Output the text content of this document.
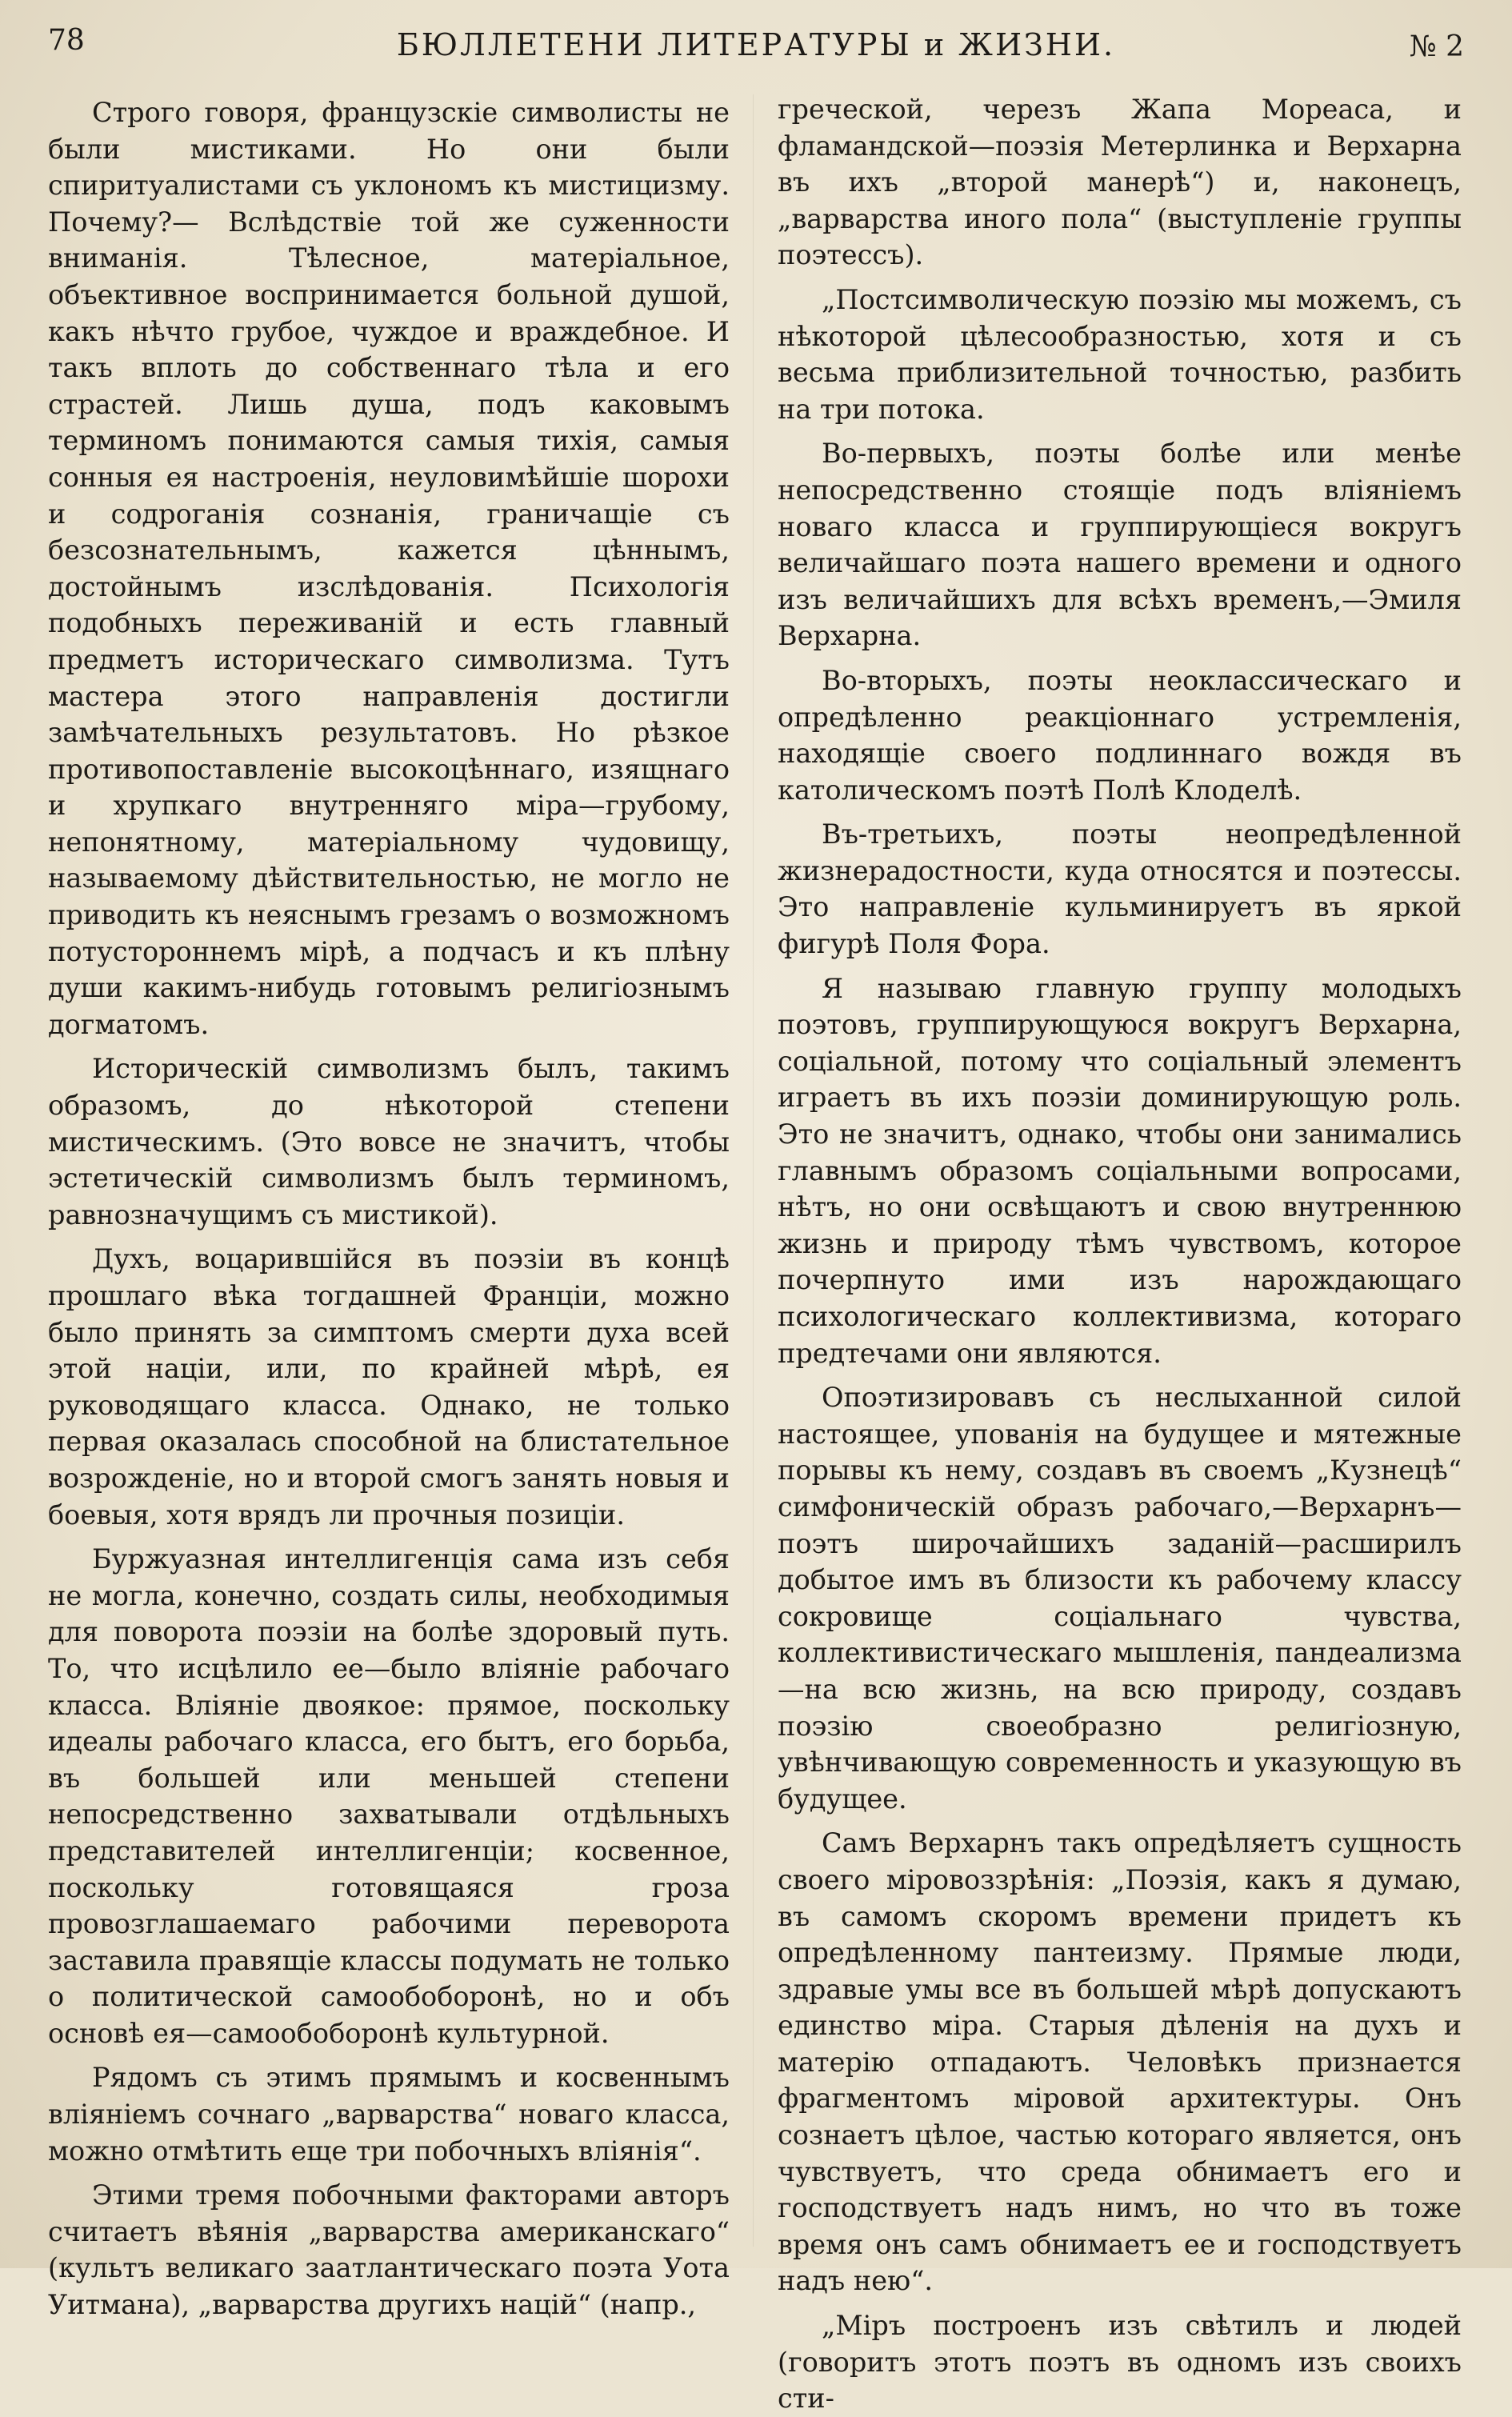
78	БЮЛЛЕТЕНИ ЛИТЕРАТУРЫ и ЖИЗНИ.	№ 2

Строго говоря, французскіе символисты не были мистиками. Но они были спиритуалистами съ уклономъ къ мистицизму. Почему?— Вслѣдствіе той же суженности вниманія. Тѣлесное, матеріальное, объективное воспринимается больной душой, какъ нѣчто грубое, чуждое и враждебное. И такъ вплоть до собственнаго тѣла и его страстей. Лишь душа, подъ каковымъ терминомъ понимаются самыя тихія, самыя сонныя ея настроенія, неуловимѣйшіе шорохи и содроганія сознанія, граничащіе съ безсознательнымъ, кажется цѣннымъ, достойнымъ изслѣдованія. Психологія подобныхъ переживаній и есть главный предметъ историческаго символизма. Тутъ мастера этого направленія достигли замѣчательныхъ результатовъ. Но рѣзкое противопоставленіе высокоцѣннаго, изящнаго и хрупкаго внутренняго міра—грубому, непонятному, матеріальному чудовищу, называемому дѣйствительностью, не могло не приводить къ неяснымъ грезамъ о возможномъ потустороннемъ мірѣ, а подчасъ и къ плѣну души какимъ-нибудь готовымъ религіознымъ догматомъ.

Историческій символизмъ былъ, такимъ образомъ, до нѣкоторой степени мистическимъ. (Это вовсе не значитъ, чтобы эстетическій символизмъ былъ терминомъ, равнозначущимъ съ мистикой).

Духъ, воцарившійся въ поэзіи въ концѣ прошлаго вѣка тогдашней Франціи, можно было принять за симптомъ смерти духа всей этой націи, или, по крайней мѣрѣ, ея руководящаго класса. Однако, не только первая оказалась способной на блистательное возрожденіе, но и второй смогъ занять новыя и боевыя, хотя врядъ ли прочныя позиціи.

Буржуазная интеллигенція сама изъ себя не могла, конечно, создать силы, необходимыя для поворота поэзіи на болѣе здоровый путь. То, что исцѣлило ее—было вліяніе рабочаго класса. Вліяніе двоякое: прямое, поскольку идеалы рабочаго класса, его бытъ, его борьба, въ большей или меньшей степени непосредственно захватывали отдѣльныхъ представителей интеллигенціи; косвенное, поскольку готовящаяся гроза провозглашаемаго рабочими переворота заставила правящіе классы подумать не только о политической самообоборонѣ, но и объ основѣ ея—самообоборонѣ культурной.

Рядомъ съ этимъ прямымъ и косвеннымъ вліяніемъ сочнаго „варварства“ новаго класса, можно отмѣтить еще три побочныхъ вліянія“.

Этими тремя побочными факторами авторъ считаетъ вѣянія „варварства американскаго“ (культъ великаго заатлантическаго поэта Уота Уитмана), „варварства другихъ націй“ (напр.,

греческой, черезъ Жапа Мореаса, и фламандской—поэзія Метерлинка и Верхарна въ ихъ „второй манерѣ“) и, наконецъ, „варварства иного пола“ (выступленіе группы поэтессъ).

„Постсимволическую поэзію мы можемъ, съ нѣкоторой цѣлесообразностью, хотя и съ весьма приблизительной точностью, разбить на три потока.

Во-первыхъ, поэты болѣе или менѣе непосредственно стоящіе подъ вліяніемъ новаго класса и группирующіеся вокругъ величайшаго поэта нашего времени и одного изъ величайшихъ для всѣхъ временъ,—Эмиля Верхарна.

Во-вторыхъ, поэты неоклассическаго и опредѣленно реакціоннаго устремленія, находящіе своего подлиннаго вождя въ католическомъ поэтѣ Полѣ Клоделѣ.

Въ-третьихъ, поэты неопредѣленной жизнерадостности, куда относятся и поэтессы. Это направленіе кульминируетъ въ яркой фигурѣ Поля Фора.

Я называю главную группу молодыхъ поэтовъ, группирующуюся вокругъ Верхарна, соціальной, потому что соціальный элементъ играетъ въ ихъ поэзіи доминирующую роль. Это не значитъ, однако, чтобы они занимались главнымъ образомъ соціальными вопросами, нѣтъ, но они освѣщаютъ и свою внутреннюю жизнь и природу тѣмъ чувствомъ, которое почерпнуто ими изъ нарождающаго психологическаго коллективизма, котораго предтечами они являются.

Опоэтизировавъ съ неслыханной силой настоящее, упованія на будущее и мятежные порывы къ нему, создавъ въ своемъ „Кузнецѣ“ симфоническій образъ рабочаго,—Верхарнъ— поэтъ широчайшихъ заданій—расширилъ добытое имъ въ близости къ рабочему классу сокровище соціальнаго чувства, коллективистическаго мышленія, пандеализма—на всю жизнь, на всю природу, создавъ поэзію своеобразно религіозную, увѣнчивающую современность и указующую въ будущее.

Самъ Верхарнъ такъ опредѣляетъ сущность своего міровоззрѣнія: „Поэзія, какъ я думаю, въ самомъ скоромъ времени придетъ къ опредѣленному пантеизму. Прямые люди, здравые умы все въ большей мѣрѣ допускаютъ единство міра. Старыя дѣленія на духъ и матерію отпадаютъ. Человѣкъ признается фрагментомъ міровой архитектуры. Онъ сознаетъ цѣлое, частью котораго является, онъ чувствуетъ, что среда обнимаетъ его и господствуетъ надъ нимъ, но что въ тоже время онъ самъ обнимаетъ ее и господствуетъ надъ нею“.

„Міръ построенъ изъ свѣтилъ и людей (говоритъ этотъ поэтъ въ одномъ изъ своихъ сти-
